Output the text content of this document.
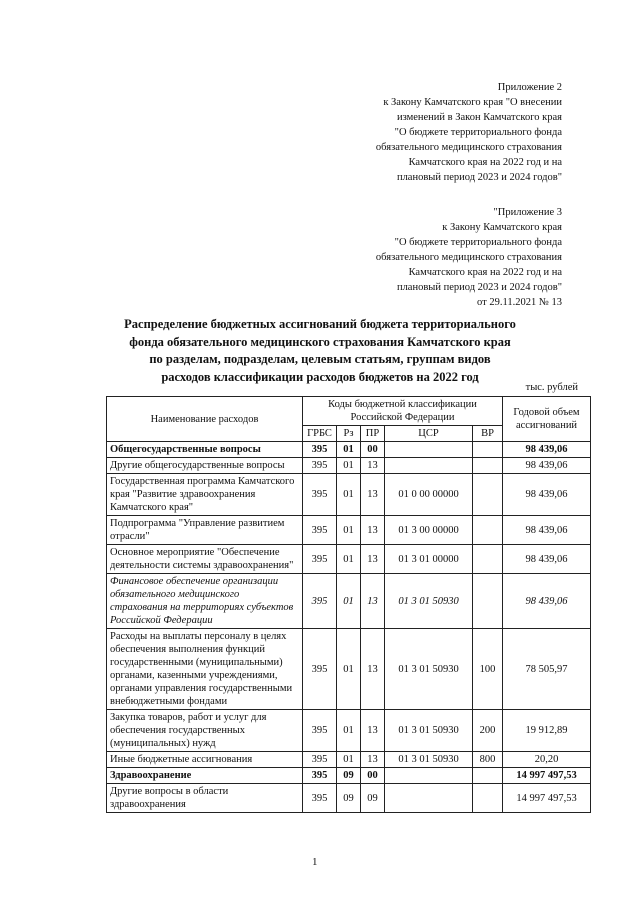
Приложение 2
к Закону Камчатского края "О внесении
изменений в Закон Камчатского края
"О бюджете территориального фонда
обязательного медицинского страхования
Камчатского края на 2022 год и на
плановый период 2023 и 2024 годов"
"Приложение 3
к Закону Камчатского края
"О бюджете территориального фонда
обязательного медицинского страхования
Камчатского края на 2022 год и на
плановый период 2023 и 2024 годов"
от 29.11.2021 № 13
Распределение бюджетных ассигнований бюджета территориального
фонда обязательного медицинского страхования Камчатского края
по разделам, подразделам, целевым статьям, группам видов
расходов классификации расходов бюджетов на 2022 год
тыс. рублей
Наименование расходов	Коды бюджетной классификации Российской Федерации					Годовой объем ассигнований
	ГРБС	Рз	ПР	ЦСР	ВР	
Общегосударственные вопросы	395	01	00			98 439,06
Другие общегосударственные вопросы	395	01	13			98 439,06
Государственная программа Камчатского края "Развитие здравоохранения Камчатского края"	395	01	13	01 0 00 00000		98 439,06
Подпрограмма "Управление развитием отрасли"	395	01	13	01 3 00 00000		98 439,06
Основное мероприятие "Обеспечение деятельности системы здравоохранения"	395	01	13	01 3 01 00000		98 439,06
Финансовое обеспечение организации обязательного медицинского страхования на территориях субъектов Российской Федерации	395	01	13	01 3 01 50930		98 439,06
Расходы на выплаты персоналу в целях обеспечения выполнения функций государственными (муниципальными) органами, казенными учреждениями, органами управления государственными внебюджетными фондами	395	01	13	01 3 01 50930	100	78 505,97
Закупка товаров, работ и услуг для обеспечения государственных (муниципальных) нужд	395	01	13	01 3 01 50930	200	19 912,89
Иные бюджетные ассигнования	395	01	13	01 3 01 50930	800	20,20
Здравоохранение	395	09	00			14 997 497,53
Другие вопросы в области здравоохранения	395	09	09			14 997 497,53
1
